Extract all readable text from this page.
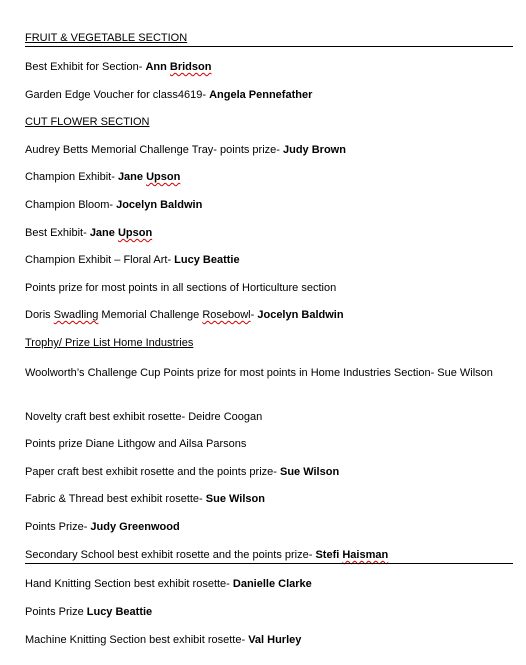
FRUIT & VEGETABLE SECTION
Best Exhibit for Section- Ann Bridson
Garden Edge Voucher for class4619- Angela Pennefather
CUT FLOWER SECTION
Audrey Betts Memorial Challenge Tray- points prize- Judy Brown
Champion Exhibit- Jane Upson
Champion Bloom- Jocelyn Baldwin
Best Exhibit- Jane Upson
Champion Exhibit – Floral Art- Lucy Beattie
Points prize for most points in all sections of Horticulture section
Doris Swadling Memorial Challenge Rosebowl- Jocelyn Baldwin
Trophy/ Prize List Home Industries
Woolworth’s Challenge Cup Points prize for most points in Home Industries Section- Sue Wilson
Novelty craft best exhibit rosette- Deidre Coogan
Points prize Diane Lithgow and Ailsa Parsons
Paper craft best exhibit rosette and the points prize- Sue Wilson
Fabric & Thread best exhibit rosette- Sue Wilson
Points Prize- Judy Greenwood
Secondary School best exhibit rosette and the points prize- Stefi Haisman
Hand Knitting Section best exhibit rosette- Danielle Clarke
Points Prize Lucy Beattie
Machine Knitting Section best exhibit rosette- Val Hurley
